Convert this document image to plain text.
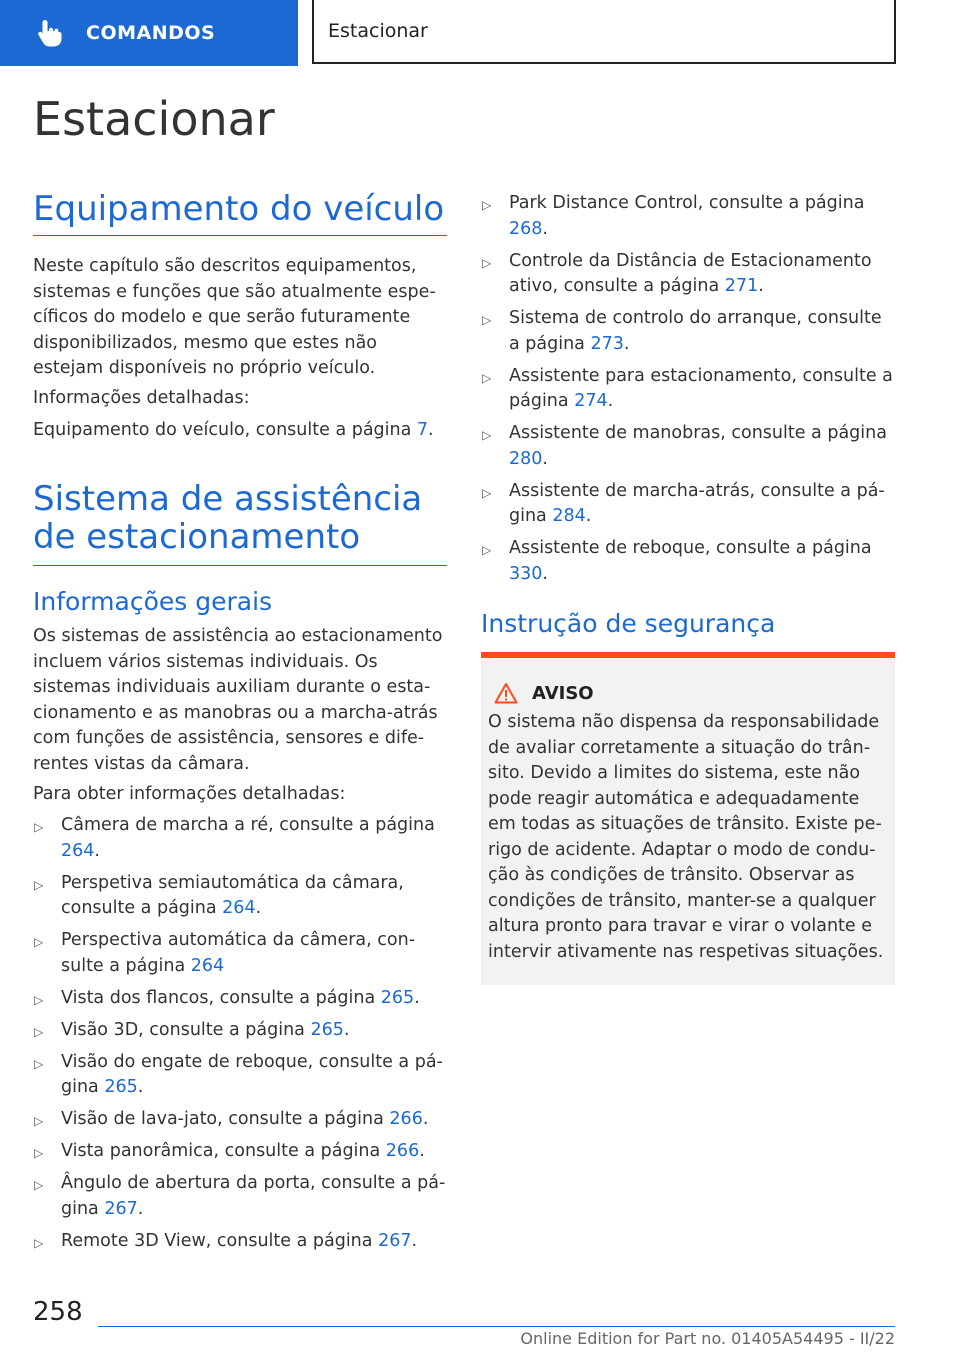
COMANDOS	Estacionar
Estacionar
Equipamento do veículo

Neste capítulo são descritos equipamentos, sistemas e funções que são atualmente específicos do modelo e que serão futuramente disponibilizados, mesmo que estes não estejam disponíveis no próprio veículo.

Informações detalhadas:

Equipamento do veículo, consulte a página 7.

Sistema de assistência de estacionamento
Informações gerais

Os sistemas de assistência ao estacionamento incluem vários sistemas individuais. Os sistemas individuais auxiliam durante o estacionamento e as manobras ou a marcha-atrás com funções de assistência, sensores e diferentes vistas da câmara.

Para obter informações detalhadas:

▷ Câmera de marcha a ré, consulte a página 264.
▷ Perspetiva semiautomática da câmara, consulte a página 264.
▷ Perspectiva automática da câmera, consulte a página 264
▷ Vista dos flancos, consulte a página 265.
▷ Visão 3D, consulte a página 265.
▷ Visão do engate de reboque, consulte a página 265.
▷ Visão de lava-jato, consulte a página 266.
▷ Vista panorâmica, consulte a página 266.
▷ Ângulo de abertura da porta, consulte a página 267.
▷ Remote 3D View, consulte a página 267.
▷ Park Distance Control, consulte a página 268.
▷ Controle da Distância de Estacionamento ativo, consulte a página 271.
▷ Sistema de controlo do arranque, consulte a página 273.
▷ Assistente para estacionamento, consulte a página 274.
▷ Assistente de manobras, consulte a página 280.
▷ Assistente de marcha-atrás, consulte a página 284.
▷ Assistente de reboque, consulte a página 330.
Instrução de segurança
AVISO

O sistema não dispensa da responsabilidade de avaliar corretamente a situação do trânsito. Devido a limites do sistema, este não pode reagir automática e adequadamente em todas as situações de trânsito. Existe perigo de acidente. Adaptar o modo de condução às condições de trânsito. Observar as condições de trânsito, manter-se a qualquer altura pronto para travar e virar o volante e intervir ativamente nas respetivas situações.

258
Online Edition for Part no. 01405A54495 - II/22
